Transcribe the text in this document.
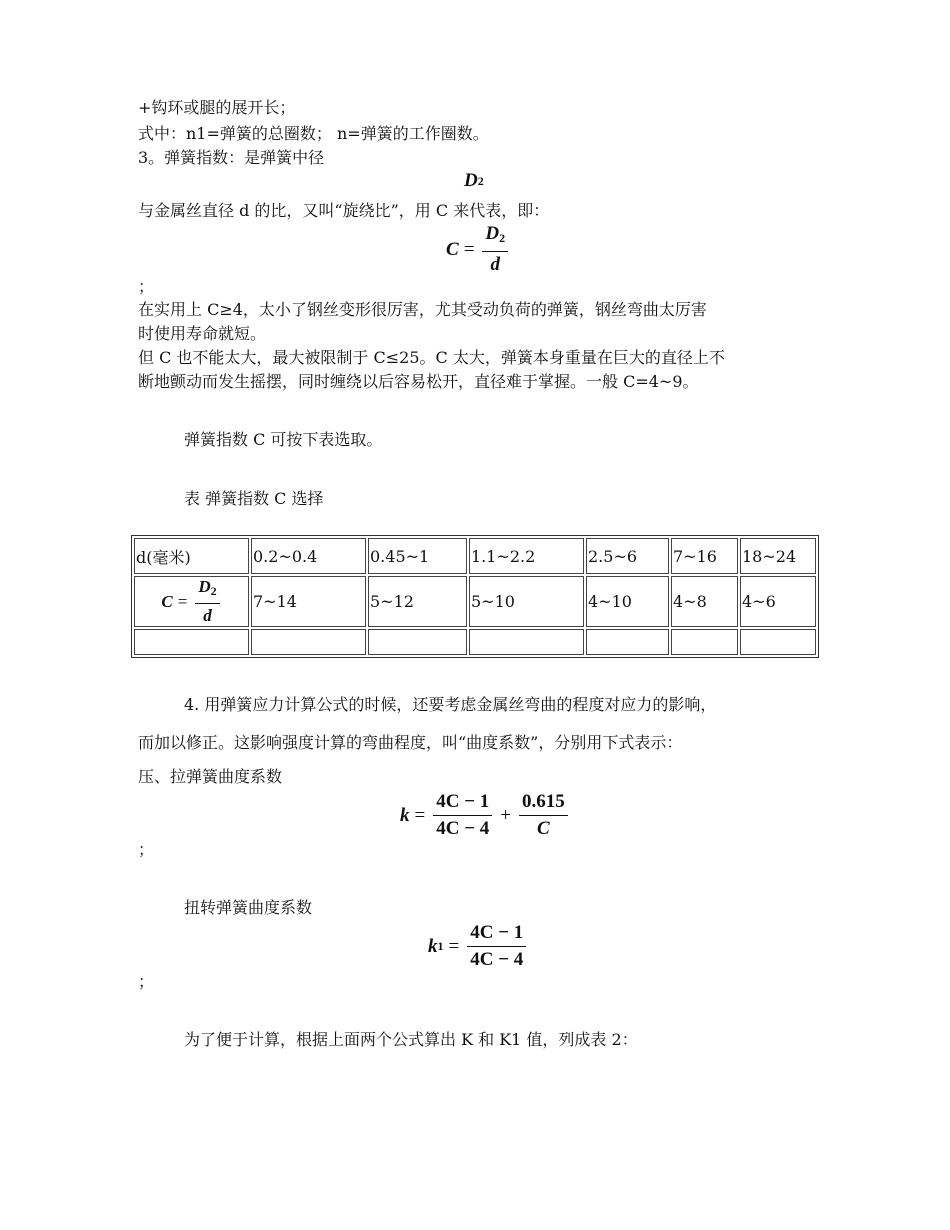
+钩环或腿的展开长；
式中：n1=弹簧的总圈数； n=弹簧的工作圈数。
3。弹簧指数：是弹簧中径
D 2
与金属丝直径 d 的比，又叫“旋绕比”，用 C 来代表，即：
$C = \frac{D_2}{d}$
；
在实用上 C≥4，太小了钢丝变形很厉害，尤其受动负荷的弹簧，钢丝弯曲太厉害
时使用寿命就短。
但 C 也不能太大，最大被限制于 C≤25。C 太大，弹簧本身重量在巨大的直径上不
断地颤动而发生摇摆，同时缠绕以后容易松开，直径难于掌握。一般 C=4~9。
弹簧指数 C 可按下表选取。
表 弹簧指数 C 选择
d(毫米)	0.2~0.4	0.45~1	1.1~2.2	2.5~6	7~16	18~24

$C = \frac{D_2}{d}$	7~14	5~12	5~10	4~10	4~8	4~6

4. 用弹簧应力计算公式的时候，还要考虑金属丝弯曲的程度对应力的影响，
而加以修正。这影响强度计算的弯曲程度，叫“曲度系数”，分别用下式表示：
压、拉弹簧曲度系数
$k = \frac{4C - 1}{4C - 4} + \frac{0.615}{C}$
；
扭转弹簧曲度系数
k $1 = \frac{4C - 1}{4C - 4}$
；
为了便于计算，根据上面两个公式算出 K 和 K1 值，列成表 2：
